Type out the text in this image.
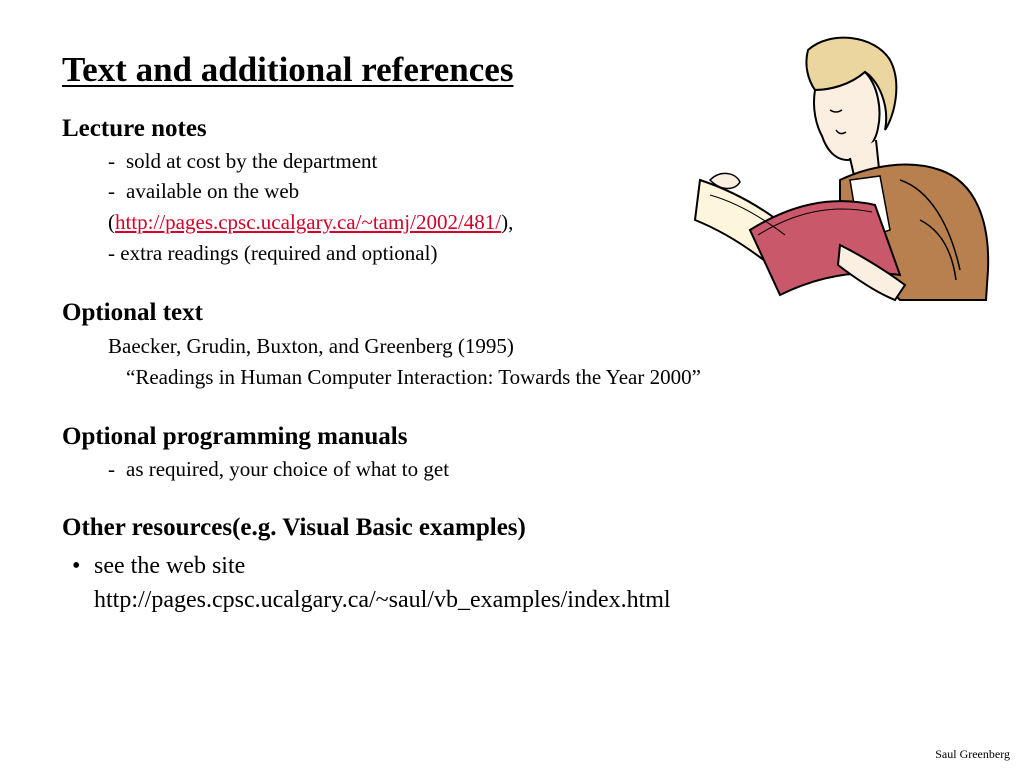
Text and additional references
Lecture notes
- sold at cost by the department
- available on the web
(http://pages.cpsc.ucalgary.ca/~tamj/2002/481/),
- extra readings (required and optional)
Optional text
Baecker, Grudin, Buxton, and Greenberg (1995)
“Readings in Human Computer Interaction: Towards the Year 2000”
Optional programming manuals
- as required, your choice of what to get
Other resources(e.g. Visual Basic examples)
• see the web site
http://pages.cpsc.ucalgary.ca/~saul/vb_examples/index.html
Saul Greenberg
